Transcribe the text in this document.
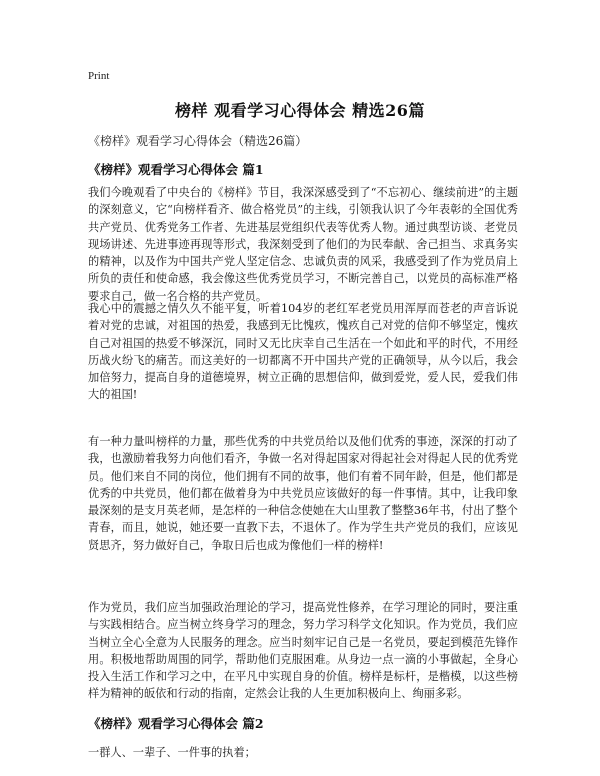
Print
榜样 观看学习心得体会 精选26篇
《榜样》观看学习心得体会（精选26篇）
《榜样》观看学习心得体会 篇1

我们今晚观看了中央台的《榜样》节目，我深深感受到了“不忘初心、继续前进”的主题的深刻意义，它“向榜样看齐、做合格党员”的主线，引领我认识了今年表彰的全国优秀共产党员、优秀党务工作者、先进基层党组织代表等优秀人物。通过典型访谈、老党员现场讲述、先进事迹再现等形式，我深刻受到了他们的为民奉献、舍己担当、求真务实的精神，以及作为中国共产党人坚定信念、忠诚负责的风采，我感受到了作为党员肩上所负的责任和使命感，我会像这些优秀党员学习，不断完善自己，以党员的高标准严格要求自己，做一名合格的共产党员。

我心中的震撼之情久久不能平复，听着104岁的老红军老党员用浑厚而苍老的声音诉说着对党的忠诚，对祖国的热爱，我感到无比愧疚，愧疚自己对党的信仰不够坚定，愧疚自己对祖国的热爱不够深沉，同时又无比庆幸自己生活在一个如此和平的时代，不用经历战火纷飞的痛苦。而这美好的一切都离不开中国共产党的正确领导，从今以后，我会加倍努力，提高自身的道德境界，树立正确的思想信仰，做到爱党，爱人民，爱我们伟大的祖国!

有一种力量叫榜样的力量，那些优秀的中共党员给以及他们优秀的事迹，深深的打动了我，也激励着我努力向他们看齐，争做一名对得起国家对得起社会对得起人民的优秀党员。他们来自不同的岗位，他们拥有不同的故事，他们有着不同年龄，但是，他们都是优秀的中共党员，他们都在做着身为中共党员应该做好的每一件事情。其中，让我印象最深刻的是支月英老师，是怎样的一种信念使她在大山里教了整整36年书，付出了整个青春，而且，她说，她还要一直教下去，不退休了。作为学生共产党员的我们，应该见贤思齐，努力做好自己，争取日后也成为像他们一样的榜样!

作为党员，我们应当加强政治理论的学习，提高党性修养，在学习理论的同时，要注重与实践相结合。应当树立终身学习的理念，努力学习科学文化知识。作为党员，我们应当树立全心全意为人民服务的理念。应当时刻牢记自己是一名党员，要起到模范先锋作用。积极地帮助周围的同学，帮助他们克服困难。从身边一点一滴的小事做起，全身心投入生活工作和学习之中，在平凡中实现自身的价值。榜样是标杆，是楷模，以这些榜样为精神的皈依和行动的指南，定然会让我的人生更加积极向上、绚丽多彩。

《榜样》观看学习心得体会 篇2

一群人、一辈子、一件事的执着；
